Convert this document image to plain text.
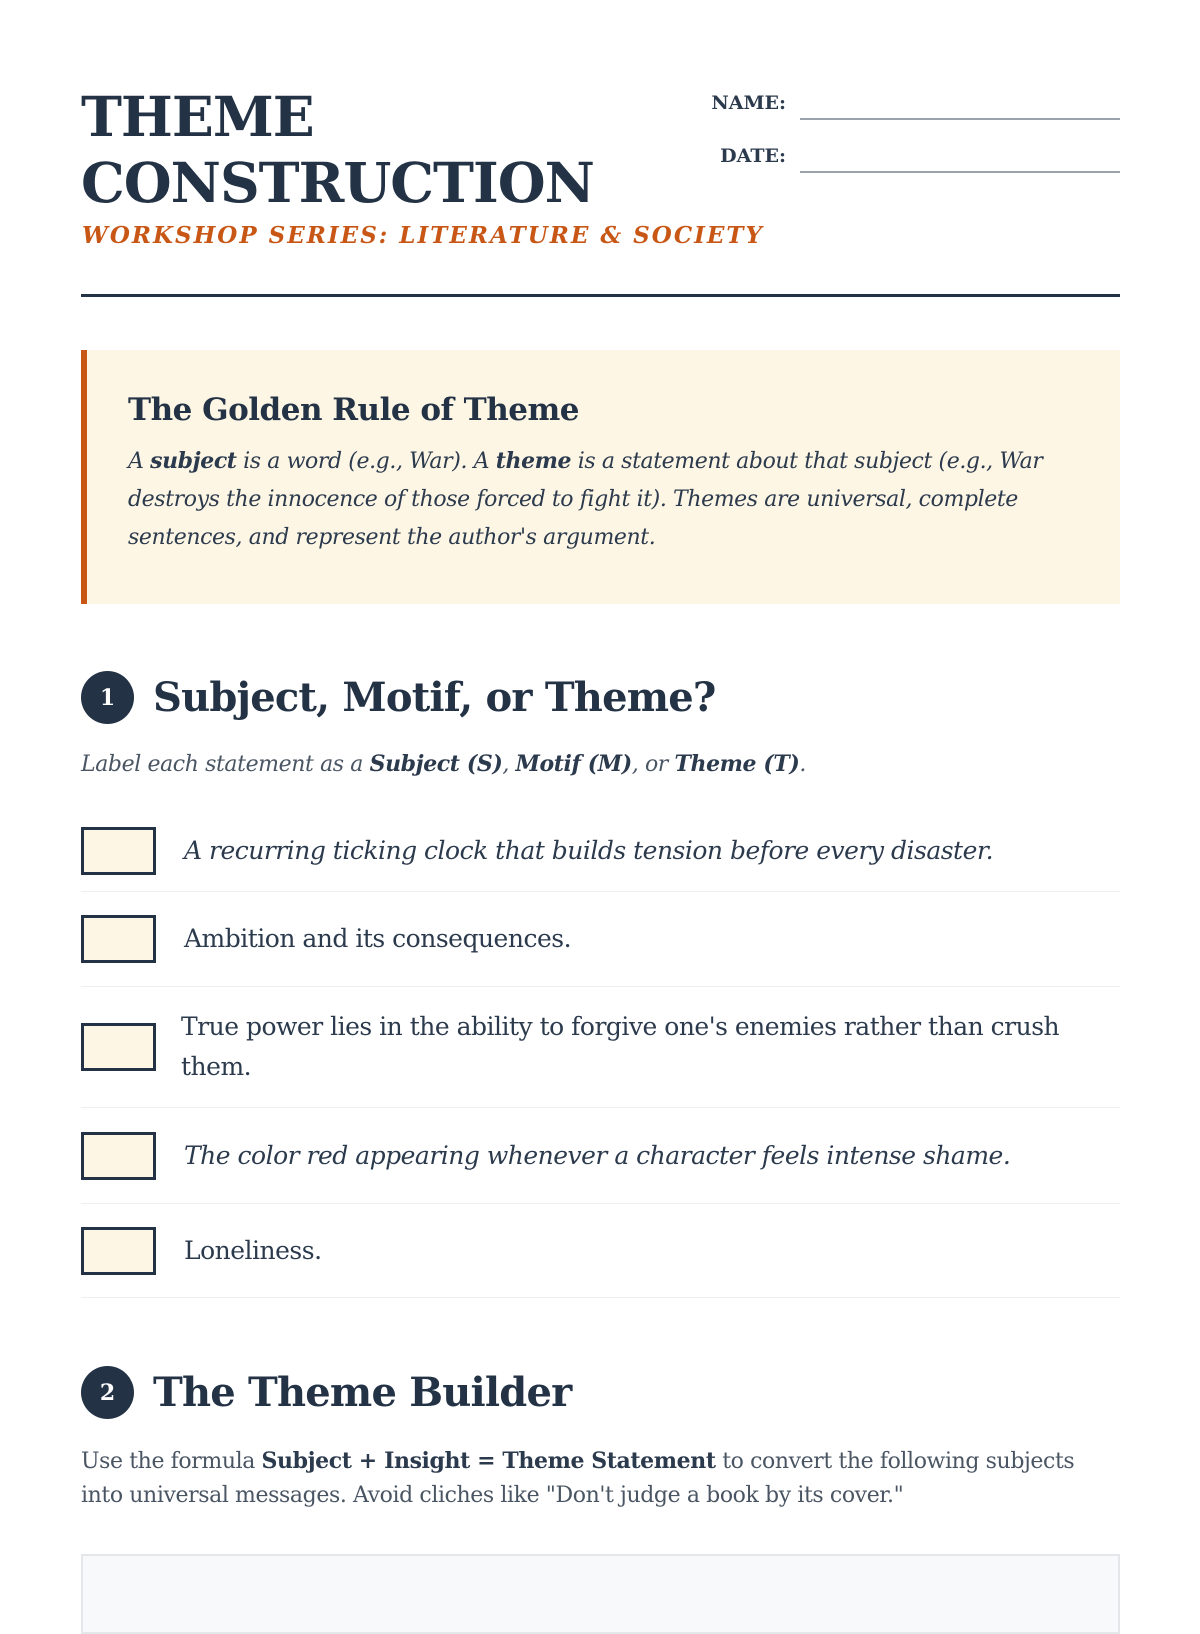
THEME
CONSTRUCTION
WORKSHOP SERIES: LITERATURE & SOCIETY
NAME:
DATE:
The Golden Rule of Theme

A subject is a word (e.g., War). A theme is a statement about that subject (e.g., War destroys the innocence of those forced to fight it). Themes are universal, complete sentences, and represent the author's argument.

1 Subject, Motif, or Theme?
Label each statement as a Subject (S), Motif (M), or Theme (T).
A recurring ticking clock that builds tension before every disaster.
Ambition and its consequences.
True power lies in the ability to forgive one's enemies rather than crush them.
The color red appearing whenever a character feels intense shame.
Loneliness.
2 The Theme Builder
Use the formula Subject + Insight = Theme Statement to convert the following subjects into universal messages. Avoid cliches like "Don't judge a book by its cover."
